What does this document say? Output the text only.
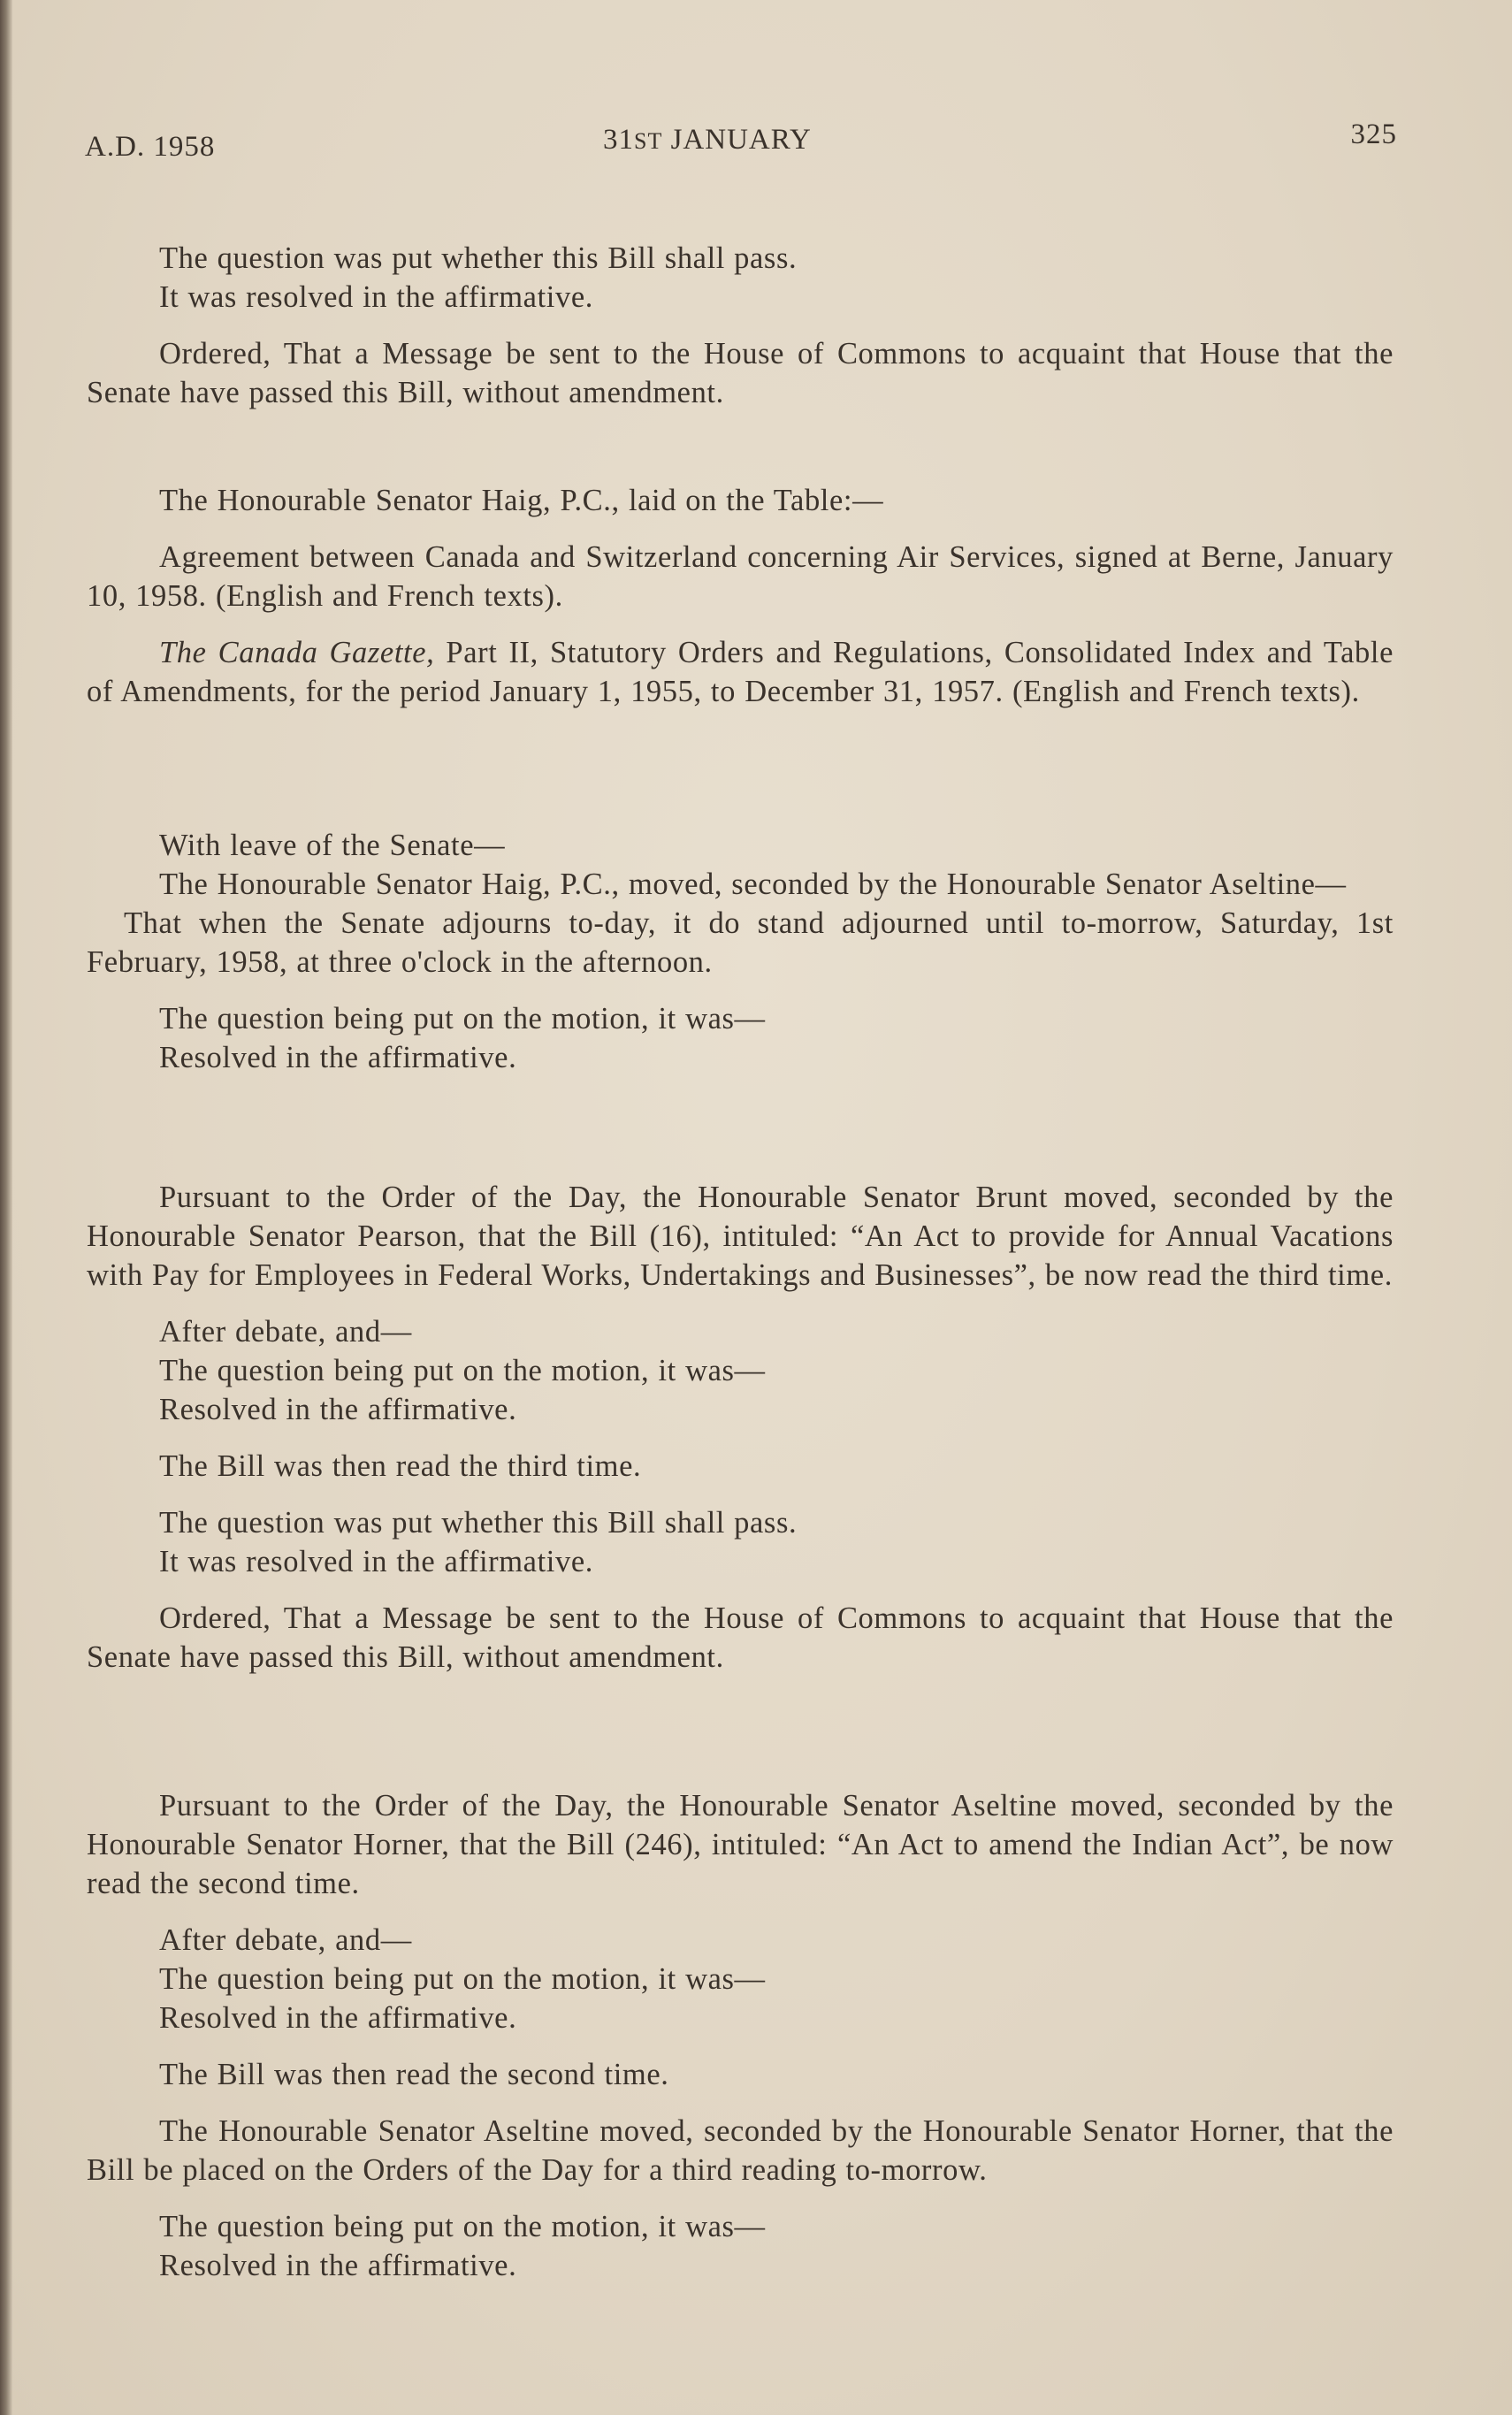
A.D. 1958	31ST JANUARY	325

The question was put whether this Bill shall pass.

It was resolved in the affirmative.

Ordered, That a Message be sent to the House of Commons to acquaint that House that the Senate have passed this Bill, without amendment.

The Honourable Senator Haig, P.C., laid on the Table:—

Agreement between Canada and Switzerland concerning Air Services, signed at Berne, January 10, 1958. (English and French texts).

The Canada Gazette, Part II, Statutory Orders and Regulations, Consolidated Index and Table of Amendments, for the period January 1, 1955, to December 31, 1957. (English and French texts).

With leave of the Senate—

The Honourable Senator Haig, P.C., moved, seconded by the Honourable Senator Aseltine—

That when the Senate adjourns to-day, it do stand adjourned until to-morrow, Saturday, 1st February, 1958, at three o'clock in the afternoon.

The question being put on the motion, it was—

Resolved in the affirmative.

Pursuant to the Order of the Day, the Honourable Senator Brunt moved, seconded by the Honourable Senator Pearson, that the Bill (16), intituled: “An Act to provide for Annual Vacations with Pay for Employees in Federal Works, Undertakings and Businesses”, be now read the third time.

After debate, and—

The question being put on the motion, it was—

Resolved in the affirmative.

The Bill was then read the third time.

The question was put whether this Bill shall pass.

It was resolved in the affirmative.

Ordered, That a Message be sent to the House of Commons to acquaint that House that the Senate have passed this Bill, without amendment.

Pursuant to the Order of the Day, the Honourable Senator Aseltine moved, seconded by the Honourable Senator Horner, that the Bill (246), intituled: “An Act to amend the Indian Act”, be now read the second time.

After debate, and—

The question being put on the motion, it was—

Resolved in the affirmative.

The Bill was then read the second time.

The Honourable Senator Aseltine moved, seconded by the Honourable Senator Horner, that the Bill be placed on the Orders of the Day for a third reading to-morrow.

The question being put on the motion, it was—

Resolved in the affirmative.
